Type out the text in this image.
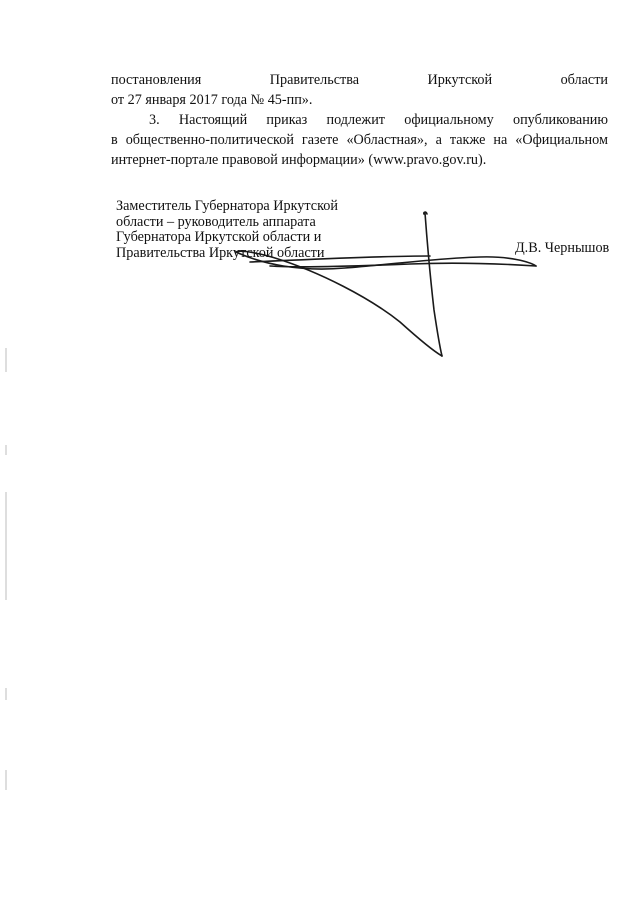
постановления	Правительства	Иркутской	области
от 27 января 2017 года № 45-пп».
3. Настоящий приказ подлежит официальному опубликованию
в общественно-политической газете «Областная», а также на «Официальном
интернет-портале правовой информации» (www.pravo.gov.ru).
Заместитель Губернатора Иркутской
области – руководитель аппарата
Губернатора Иркутской области и
Правительства Иркутской области	Д.В. Чернышов
